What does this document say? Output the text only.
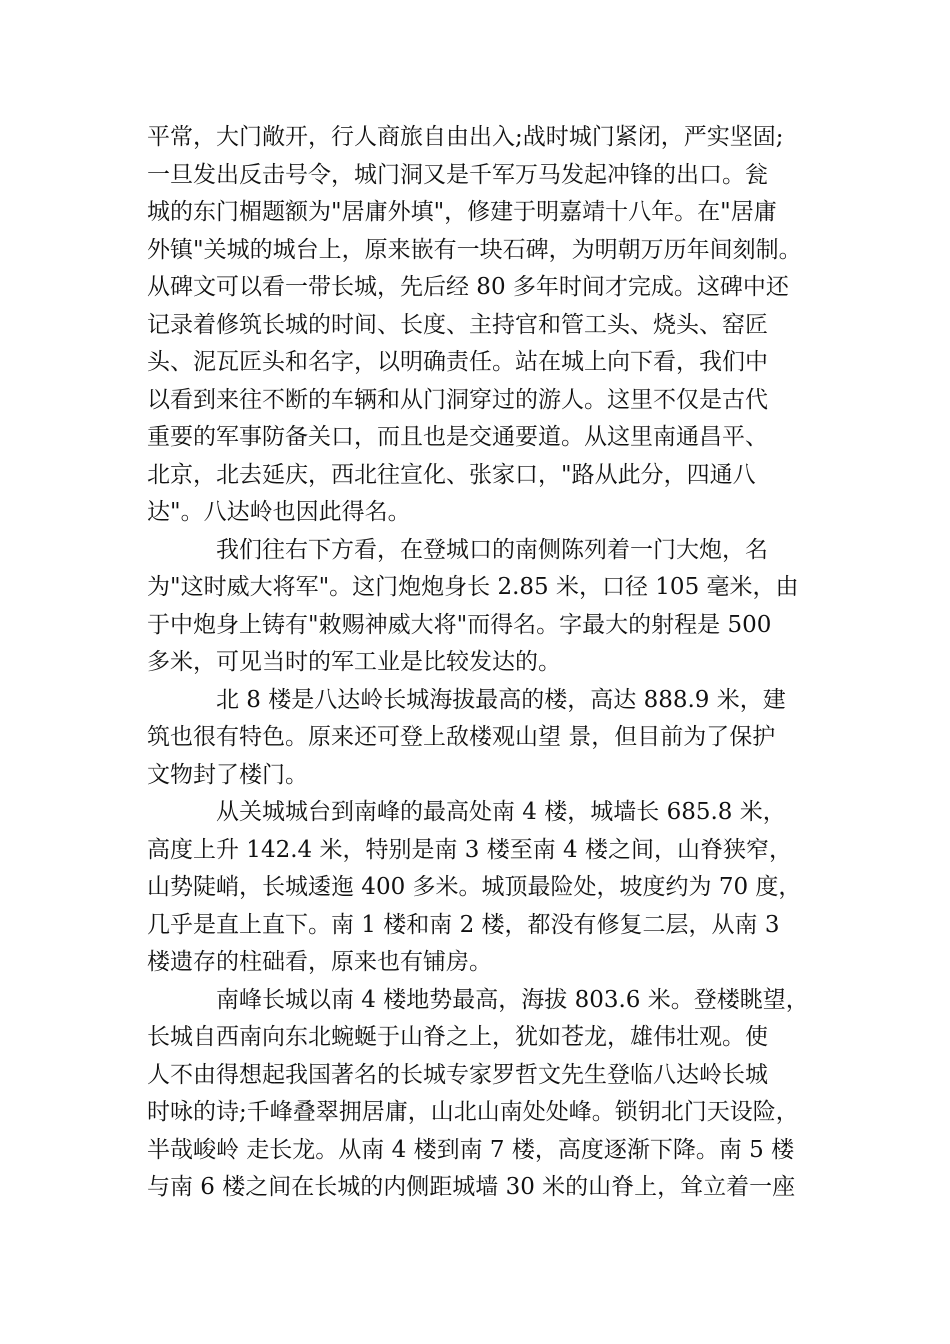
平常，大门敞开，行人商旅自由出入;战时城门紧闭，严实坚固;
一旦发出反击号令，城门洞又是千军万马发起冲锋的出口。瓮
城的东门楣题额为"居庸外填"，修建于明嘉靖十八年。在"居庸
外镇"关城的城台上，原来嵌有一块石碑，为明朝万历年间刻制。
从碑文可以看一带长城，先后经 80 多年时间才完成。这碑中还
记录着修筑长城的时间、长度、主持官和管工头、烧头、窑匠
头、泥瓦匠头和名字，以明确责任。站在城上向下看，我们中
以看到来往不断的车辆和从门洞穿过的游人。这里不仅是古代
重要的军事防备关口，而且也是交通要道。从这里南通昌平、
北京，北去延庆，西北往宣化、张家口，"路从此分，四通八
达"。八达岭也因此得名。
我们往右下方看，在登城口的南侧陈列着一门大炮，名
为"这时威大将军"。这门炮炮身长 2.85 米，口径 105 毫米，由
于中炮身上铸有"敕赐神威大将"而得名。字最大的射程是 500
多米，可见当时的军工业是比较发达的。
北 8 楼是八达岭长城海拔最高的楼，高达 888.9 米，建
筑也很有特色。原来还可登上敌楼观山望 景，但目前为了保护
文物封了楼门。
从关城城台到南峰的最高处南 4 楼，城墙长 685.8 米，
高度上升 142.4 米，特别是南 3 楼至南 4 楼之间，山脊狭窄，
山势陡峭，长城逶迤 400 多米。城顶最险处，坡度约为 70 度，
几乎是直上直下。南 1 楼和南 2 楼，都没有修复二层，从南 3
楼遗存的柱础看，原来也有铺房。
南峰长城以南 4 楼地势最高，海拔 803.6 米。登楼眺望，
长城自西南向东北蜿蜒于山脊之上，犹如苍龙，雄伟壮观。使
人不由得想起我国著名的长城专家罗哲文先生登临八达岭长城
时咏的诗;千峰叠翠拥居庸，山北山南处处峰。锁钥北门天设险，
半哉峻岭 走长龙。从南 4 楼到南 7 楼，高度逐渐下降。南 5 楼
与南 6 楼之间在长城的内侧距城墙 30 米的山脊上，耸立着一座
